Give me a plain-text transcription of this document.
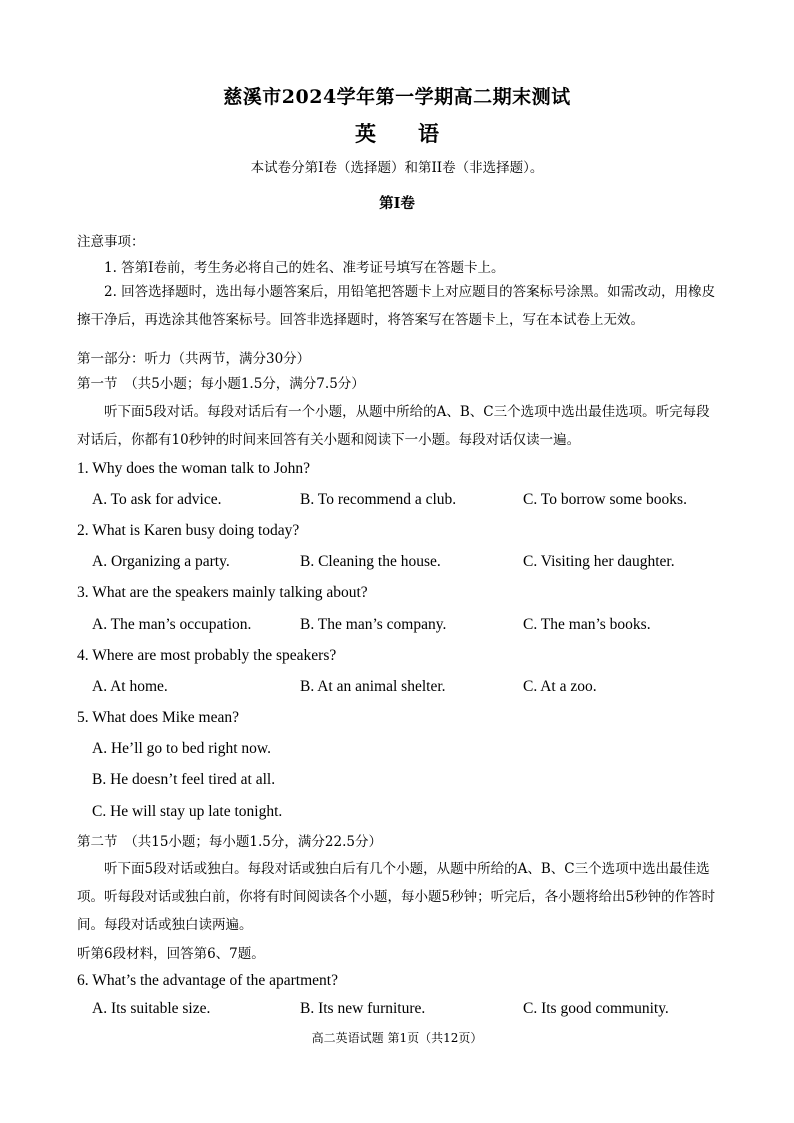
慈溪市2024学年第一学期高二期末测试
英　　语
本试卷分第I卷（选择题）和第II卷（非选择题）。
第I卷
注意事项：
1. 答第I卷前，考生务必将自己的姓名、准考证号填写在答题卡上。
2. 回答选择题时，选出每小题答案后，用铅笔把答题卡上对应题目的答案标号涂黑。如需改动，用橡皮擦干净后，再选涂其他答案标号。回答非选择题时，将答案写在答题卡上，写在本试卷上无效。
第一部分：听力（共两节，满分30分）
第一节　（共5小题；每小题1.5分，满分7.5分）
听下面5段对话。每段对话后有一个小题，从题中所给的A、B、C三个选项中选出最佳选项。听完每段对话后，你都有10秒钟的时间来回答有关小题和阅读下一小题。每段对话仅读一遍。
1. Why does the woman talk to John?
A. To ask for advice.	B. To recommend a club.	C. To borrow some books.
2. What is Karen busy doing today?
A. Organizing a party.	B. Cleaning the house.	C. Visiting her daughter.
3. What are the speakers mainly talking about?
A. The man’s occupation.	B. The man’s company.	C. The man’s books.
4. Where are most probably the speakers?
A. At home.	B. At an animal shelter.	C. At a zoo.
5. What does Mike mean?
A. He’ll go to bed right now.
B. He doesn’t feel tired at all.
C. He will stay up late tonight.
第二节　（共15小题；每小题1.5分，满分22.5分）
听下面5段对话或独白。每段对话或独白后有几个小题，从题中所给的A、B、C三个选项中选出最佳选项。听每段对话或独白前，你将有时间阅读各个小题，每小题5秒钟；听完后，各小题将给出5秒钟的作答时间。每段对话或独白读两遍。
听第6段材料，回答第6、7题。
6. What’s the advantage of the apartment?
A. Its suitable size.	B. Its new furniture.	C. Its good community.
高二英语试题 第1页（共12页）
